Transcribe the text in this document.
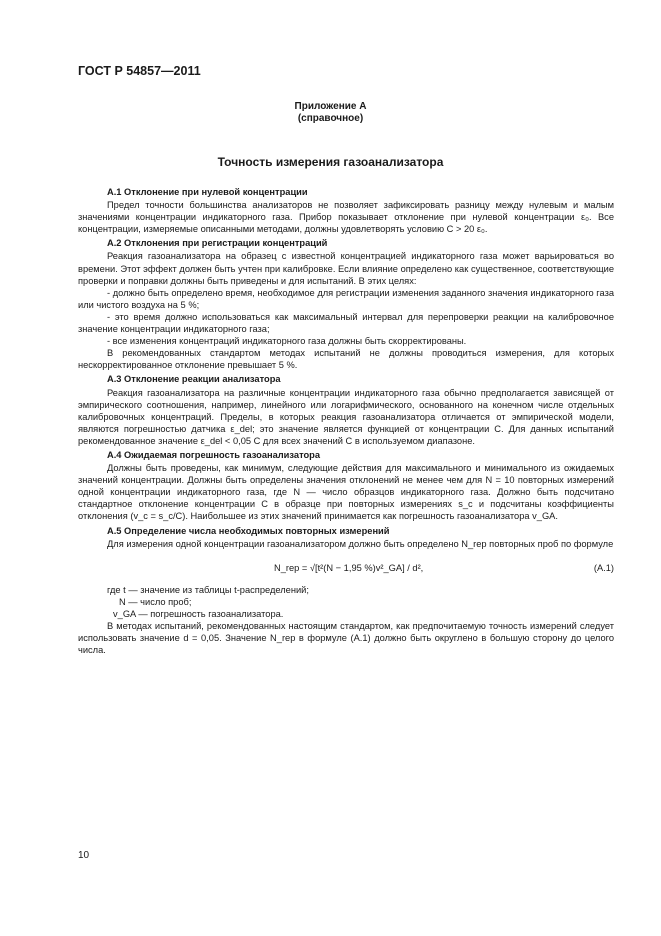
ГОСТ Р 54857—2011
Приложение А
(справочное)
Точность измерения газоанализатора
А.1 Отклонение при нулевой концентрации

Предел точности большинства анализаторов не позволяет зафиксировать разницу между нулевым и малым значениями концентрации индикаторного газа. Прибор показывает отклонение при нулевой концентрации ε₀. Все концентрации, измеряемые описанными методами, должны удовлетворять условию C > 20 ε₀.

А.2 Отклонения при регистрации концентраций

Реакция газоанализатора на образец с известной концентрацией индикаторного газа может варьироваться во времени. Этот эффект должен быть учтен при калибровке. Если влияние определено как существенное, соответствующие проверки и поправки должны быть приведены и для испытаний. В этих целях:

- должно быть определено время, необходимое для регистрации изменения заданного значения индикаторного газа или чистого воздуха на 5 %;

- это время должно использоваться как максимальный интервал для перепроверки реакции на калибровочное значение концентрации индикаторного газа;

- все изменения концентраций индикаторного газа должны быть скорректированы.

В рекомендованных стандартом методах испытаний не должны проводиться измерения, для которых нескорректированное отклонение превышает 5 %.

А.3 Отклонение реакции анализатора

Реакция газоанализатора на различные концентрации индикаторного газа обычно предполагается зависящей от эмпирического соотношения, например, линейного или логарифмического, основанного на конечном числе отдельных калибровочных концентраций. Пределы, в которых реакция газоанализатора отличается от эмпирической модели, являются погрешностью датчика ε_del; это значение является функцией от концентрации C. Для данных испытаний рекомендованное значение ε_del < 0,05 C для всех значений C в используемом диапазоне.

А.4 Ожидаемая погрешность газоанализатора

Должны быть проведены, как минимум, следующие действия для максимального и минимального из ожидаемых значений концентрации. Должны быть определены значения отклонений не менее чем для N = 10 повторных измерений одной концентрации индикаторного газа, где N — число образцов индикаторного газа. Должно быть подсчитано стандартное отклонение концентрации C в образце при повторных измерениях s_c и подсчитаны коэффициенты отклонения (v_c = s_c/C). Наибольшее из этих значений принимается как погрешность газоанализатора v_GA.

А.5 Определение числа необходимых повторных измерений

Для измерения одной концентрации газоанализатором должно быть определено N_rep повторных проб по формуле

N_rep = √[t²(N − 1,95 %)v²_GA] / d²,	(А.1)

где t — значение из таблицы t-распределений;

N — число проб;

v_GA — погрешность газоанализатора.

В методах испытаний, рекомендованных настоящим стандартом, как предпочитаемую точность измерений следует использовать значение d = 0,05. Значение N_rep в формуле (А.1) должно быть округлено в большую сторону до целого числа.

10
